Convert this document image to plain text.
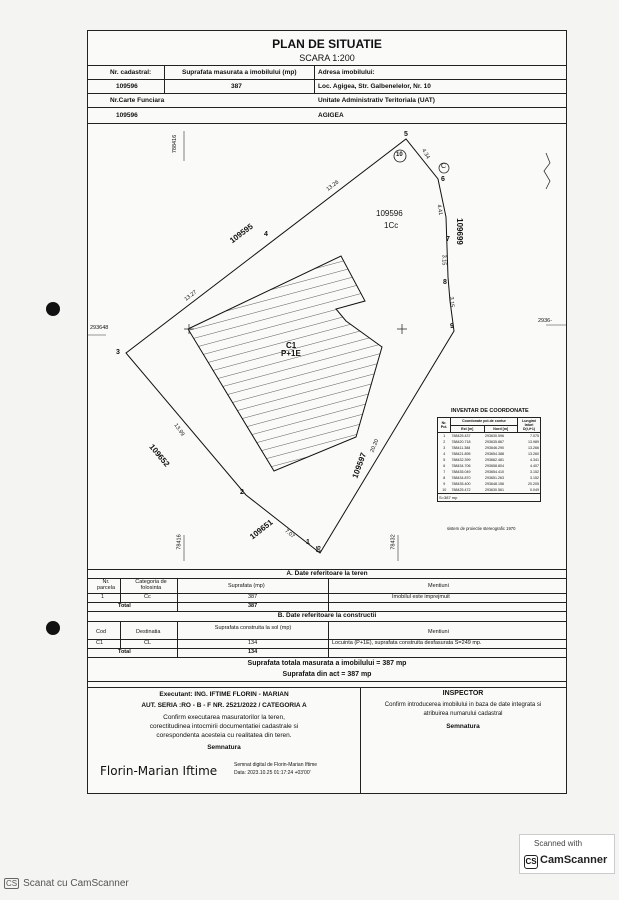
PLAN DE SITUATIE
SCARA 1:200
Nr. cadastral:	Suprafata masurata a imobilului (mp)	Adresa imobilului:
109596	387	Loc. Agigea, Str. Galbenelelor, Nr. 10
Nr.Carte Funciara	Unitate Administrativ Teritoriala (UAT)
109596	AGIGEA
109596
1Cc
C1
P+1E
10
C
109595	109699
109652	109597
109651
293648
2936-
788416
78416	78432
1
2
3
4
5
6
7
8
9
05
13.26
13.27
4.34
4.41
3.15
3.15
13.99
20.20
7.07
INVENTAR DE COORDONATE
Nr. Pct.	Coordonate pct.de contur		Lungimi laturi D(i,i+1)
	Est [m]	Nord [m]	
1	788425.437	293630.596	7.075
2	788420.718	293635.867	13.989
3	788411.388	293646.290	13.266
4	788421.895	293654.388	13.260
5	788432.399	293662.481	4.341
6	788434.706	293658.804	4.407
7	788435.049	293654.410	3.152
8	788434.870	293651.263	3.152
9	788435.400	293648.156	20.205
10	788425.472	293630.561	0.049
S=387 mp			
sistem de proiectie stereografic 1970
A. Date referitoare la teren
Nr. parcela
Categoria de folosinta	Suprafata (mp)	Mentiuni
1	Cc	387	Imobilul este imprejmuit
Total	387
B. Date referitoare la constructii
Cod	Destinatia
Suprafata construita la sol (mp)
Mentiuni
C1	CL	134	Locuinta (P+1E), suprafata construita desfasurata S=249 mp.
Total	134
Suprafata totala masurata a imobilului = 387 mp
Suprafata din act = 387 mp
Executant: ING. IFTIME FLORIN - MARIAN
AUT. SERIA :RO - B - F NR. 2521/2022 / CATEGORIA A
Confirm executarea masuratorilor la teren,
corectitudinea intocmirii documentatiei cadastrale si
corespondenta acesteia cu realitatea din teren.
Semnatura
Florin-Marian Iftime	Semnat digital de Florin-Marian Iftime
Data: 2023.10.25 01:17:24 +03'00'
INSPECTOR
Confirm introducerea imobilului in baza de date integrata si
atribuirea numarului cadastral
Semnatura
Scanned with
CS CamScanner
CS Scanat cu CamScanner
